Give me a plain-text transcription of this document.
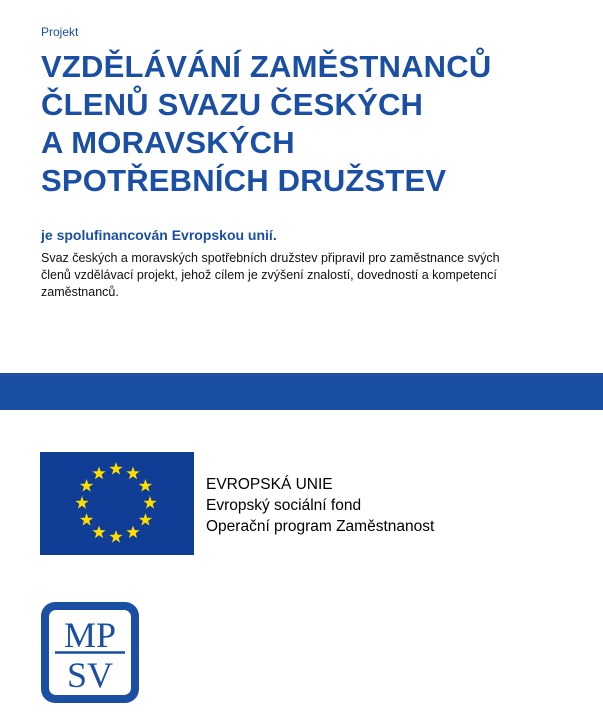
Projekt
VZDĚLÁVÁNÍ ZAMĚSTNANCŮ
ČLENŮ SVAZU ČESKÝCH
A MORAVSKÝCH
SPOTŘEBNÍCH DRUŽSTEV
je spolufinancován Evropskou unií.
Svaz českých a moravských spotřebních družstev připravil pro zaměstnance svých
členů vzdělávací projekt, jehož cílem je zvýšení znalostí, dovedností a kompetencí
zaměstnanců.
EVROPSKÁ UNIE
Evropský sociální fond
Operační program Zaměstnanost
MP
SV
